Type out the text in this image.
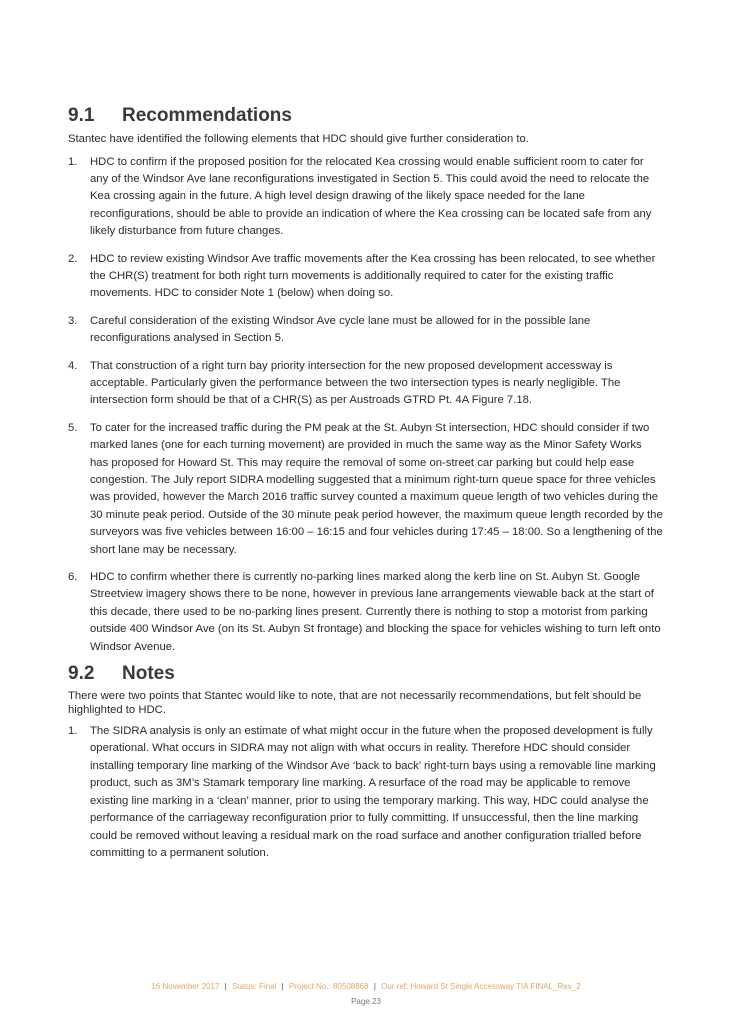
9.1	Recommendations

Stantec have identified the following elements that HDC should give further consideration to.

1. HDC to confirm if the proposed position for the relocated Kea crossing would enable sufficient room to cater for any of the Windsor Ave lane reconfigurations investigated in Section 5. This could avoid the need to relocate the Kea crossing again in the future. A high level design drawing of the likely space needed for the lane reconfigurations, should be able to provide an indication of where the Kea crossing can be located safe from any likely disturbance from future changes.
2. HDC to review existing Windsor Ave traffic movements after the Kea crossing has been relocated, to see whether the CHR(S) treatment for both right turn movements is additionally required to cater for the existing traffic movements. HDC to consider Note 1 (below) when doing so.
3. Careful consideration of the existing Windsor Ave cycle lane must be allowed for in the possible lane reconfigurations analysed in Section 5.
4. That construction of a right turn bay priority intersection for the new proposed development accessway is acceptable. Particularly given the performance between the two intersection types is nearly negligible. The intersection form should be that of a CHR(S) as per Austroads GTRD Pt. 4A Figure 7.18.
5. To cater for the increased traffic during the PM peak at the St. Aubyn St intersection, HDC should consider if two marked lanes (one for each turning movement) are provided in much the same way as the Minor Safety Works has proposed for Howard St. This may require the removal of some on-street car parking but could help ease congestion. The July report SIDRA modelling suggested that a minimum right-turn queue space for three vehicles was provided, however the March 2016 traffic survey counted a maximum queue length of two vehicles during the 30 minute peak period. Outside of the 30 minute peak period however, the maximum queue length recorded by the surveyors was five vehicles between 16:00 – 16:15 and four vehicles during 17:45 – 18:00. So a lengthening of the short lane may be necessary.
6. HDC to confirm whether there is currently no-parking lines marked along the kerb line on St. Aubyn St. Google Streetview imagery shows there to be none, however in previous lane arrangements viewable back at the start of this decade, there used to be no-parking lines present. Currently there is nothing to stop a motorist from parking outside 400 Windsor Ave (on its St. Aubyn St frontage) and blocking the space for vehicles wishing to turn left onto Windsor Avenue.
9.2	Notes

There were two points that Stantec would like to note, that are not necessarily recommendations, but felt should be highlighted to HDC.

1. The SIDRA analysis is only an estimate of what might occur in the future when the proposed development is fully operational. What occurs in SIDRA may not align with what occurs in reality. Therefore HDC should consider installing temporary line marking of the Windsor Ave ‘back to back’ right-turn bays using a removable line marking product, such as 3M’s Stamark temporary line marking. A resurface of the road may be applicable to remove existing line marking in a ‘clean’ manner, prior to using the temporary marking. This way, HDC could analyse the performance of the carriageway reconfiguration prior to fully committing. If unsuccessful, then the line marking could be removed without leaving a residual mark on the road surface and another configuration trialled before committing to a permanent solution.
16 November 2017 | Status: Final | Project No.: 80508868 | Our ref: Howard St Single Accessway TIA FINAL_Rev_2
Page 23
